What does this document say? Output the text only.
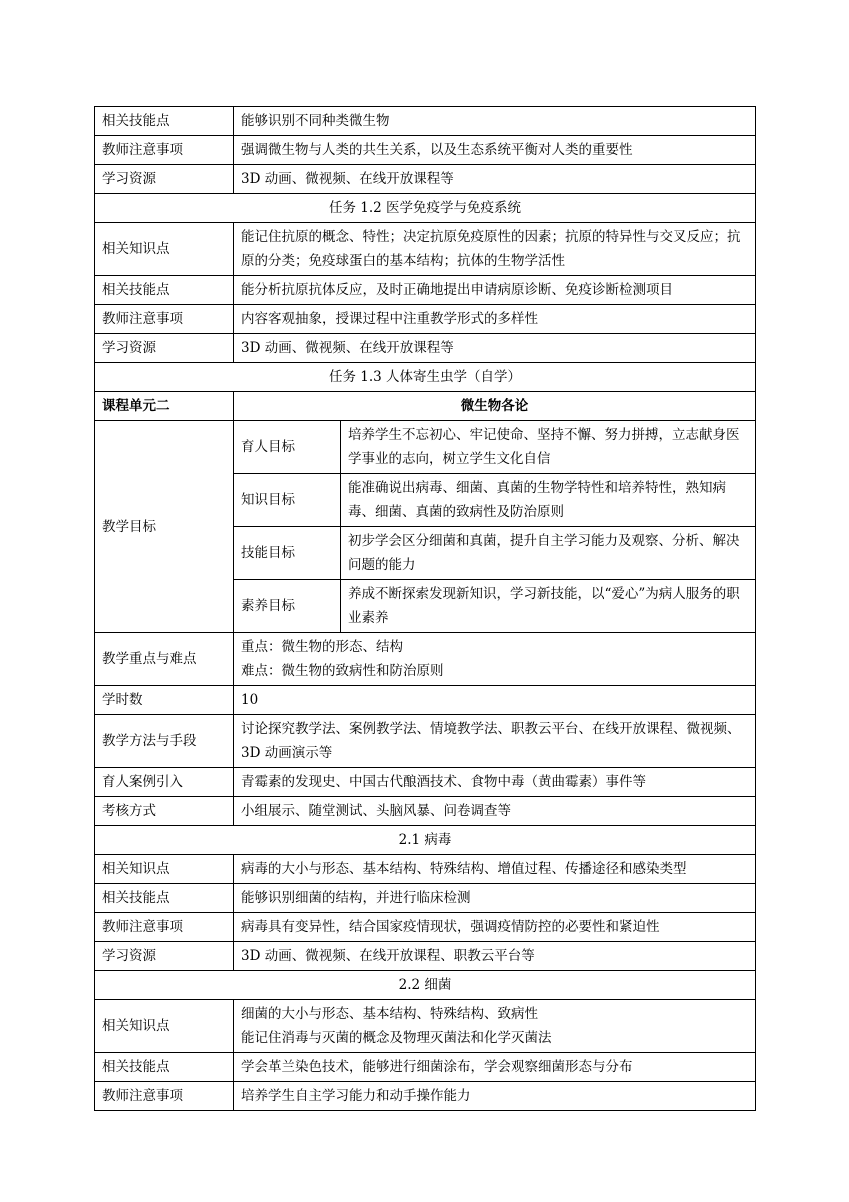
相关技能点	能够识别不同种类微生物	
教师注意事项	强调微生物与人类的共生关系，以及生态系统平衡对人类的重要性	
学习资源	3D 动画、微视频、在线开放课程等	
任务 1.2 医学免疫学与免疫系统		
相关知识点	能记住抗原的概念、特性；决定抗原免疫原性的因素；抗原的特异性与交叉反应；抗原的分类；免疫球蛋白的基本结构；抗体的生物学活性	
相关技能点	能分析抗原抗体反应，及时正确地提出申请病原诊断、免疫诊断检测项目	
教师注意事项	内容客观抽象，授课过程中注重教学形式的多样性	
学习资源	3D 动画、微视频、在线开放课程等	
任务 1.3 人体寄生虫学（自学）		
课程单元二	微生物各论	
教学目标	育人目标	培养学生不忘初心、牢记使命、坚持不懈、努力拼搏，立志献身医学事业的志向，树立学生文化自信
	知识目标	能准确说出病毒、细菌、真菌的生物学特性和培养特性，熟知病毒、细菌、真菌的致病性及防治原则
	技能目标	初步学会区分细菌和真菌，提升自主学习能力及观察、分析、解决问题的能力
	素养目标	养成不断探索发现新知识，学习新技能，以“爱心”为病人服务的职业素养
教学重点与难点	重点：微生物的形态、结构
难点：微生物的致病性和防治原则	

学时数	10	
教学方法与手段	讨论探究教学法、案例教学法、情境教学法、职教云平台、在线开放课程、微视频、3D 动画演示等	
育人案例引入	青霉素的发现史、中国古代酿酒技术、食物中毒（黄曲霉素）事件等	
考核方式	小组展示、随堂测试、头脑风暴、问卷调查等	
2.1 病毒		
相关知识点	病毒的大小与形态、基本结构、特殊结构、增值过程、传播途径和感染类型	
相关技能点	能够识别细菌的结构，并进行临床检测	
教师注意事项	病毒具有变异性，结合国家疫情现状，强调疫情防控的必要性和紧迫性	
学习资源	3D 动画、微视频、在线开放课程、职教云平台等	
2.2 细菌		
相关知识点	细菌的大小与形态、基本结构、特殊结构、致病性
能记住消毒与灭菌的概念及物理灭菌法和化学灭菌法	

相关技能点	学会革兰染色技术，能够进行细菌涂布，学会观察细菌形态与分布	
教师注意事项	培养学生自主学习能力和动手操作能力	
